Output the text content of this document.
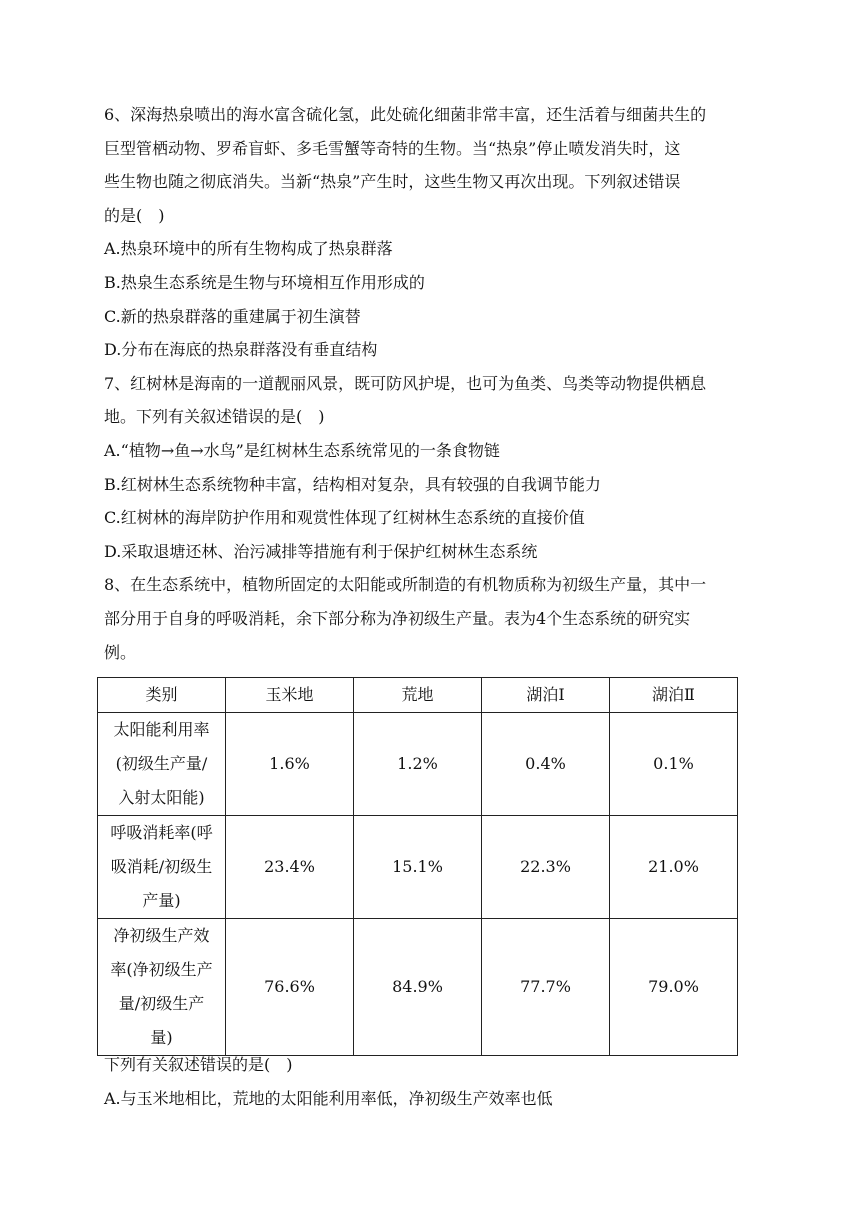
6、深海热泉喷出的海水富含硫化氢，此处硫化细菌非常丰富，还生活着与细菌共生的

巨型管栖动物、罗希盲虾、多毛雪蟹等奇特的生物。当“热泉”停止喷发消失时，这

些生物也随之彻底消失。当新“热泉”产生时，这些生物又再次出现。下列叙述错误

的是(　)

A.热泉环境中的所有生物构成了热泉群落

B.热泉生态系统是生物与环境相互作用形成的

C.新的热泉群落的重建属于初生演替

D.分布在海底的热泉群落没有垂直结构

7、红树林是海南的一道靓丽风景，既可防风护堤，也可为鱼类、鸟类等动物提供栖息

地。下列有关叙述错误的是(　)

A.“植物→鱼→水鸟”是红树林生态系统常见的一条食物链

B.红树林生态系统物种丰富，结构相对复杂，具有较强的自我调节能力

C.红树林的海岸防护作用和观赏性体现了红树林生态系统的直接价值

D.采取退塘还林、治污减排等措施有利于保护红树林生态系统

8、在生态系统中，植物所固定的太阳能或所制造的有机物质称为初级生产量，其中一

部分用于自身的呼吸消耗，余下部分称为净初级生产量。表为4个生态系统的研究实

例。

类别	玉米地	荒地	湖泊Ⅰ	湖泊Ⅱ

太阳能利用率
(初级生产量/
入射太阳能)	1.6%	1.2%	0.4%	0.1%

呼吸消耗率(呼
吸消耗/初级生
产量)	23.4%	15.1%	22.3%	21.0%

净初级生产效
率(净初级生产
量/初级生产
量)	76.6%	84.9%	77.7%	79.0%

下列有关叙述错误的是(　)

A.与玉米地相比，荒地的太阳能利用率低，净初级生产效率也低
